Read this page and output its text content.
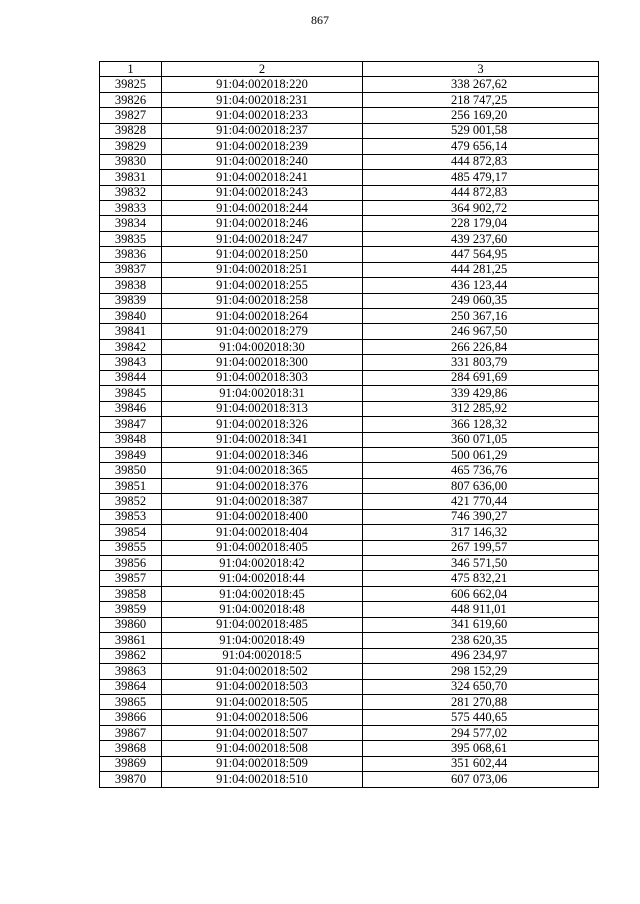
867
1	2	3
39825	91:04:002018:220	338 267,62
39826	91:04:002018:231	218 747,25
39827	91:04:002018:233	256 169,20
39828	91:04:002018:237	529 001,58
39829	91:04:002018:239	479 656,14
39830	91:04:002018:240	444 872,83
39831	91:04:002018:241	485 479,17
39832	91:04:002018:243	444 872,83
39833	91:04:002018:244	364 902,72
39834	91:04:002018:246	228 179,04
39835	91:04:002018:247	439 237,60
39836	91:04:002018:250	447 564,95
39837	91:04:002018:251	444 281,25
39838	91:04:002018:255	436 123,44
39839	91:04:002018:258	249 060,35
39840	91:04:002018:264	250 367,16
39841	91:04:002018:279	246 967,50
39842	91:04:002018:30	266 226,84
39843	91:04:002018:300	331 803,79
39844	91:04:002018:303	284 691,69
39845	91:04:002018:31	339 429,86
39846	91:04:002018:313	312 285,92
39847	91:04:002018:326	366 128,32
39848	91:04:002018:341	360 071,05
39849	91:04:002018:346	500 061,29
39850	91:04:002018:365	465 736,76
39851	91:04:002018:376	807 636,00
39852	91:04:002018:387	421 770,44
39853	91:04:002018:400	746 390,27
39854	91:04:002018:404	317 146,32
39855	91:04:002018:405	267 199,57
39856	91:04:002018:42	346 571,50
39857	91:04:002018:44	475 832,21
39858	91:04:002018:45	606 662,04
39859	91:04:002018:48	448 911,01
39860	91:04:002018:485	341 619,60
39861	91:04:002018:49	238 620,35
39862	91:04:002018:5	496 234,97
39863	91:04:002018:502	298 152,29
39864	91:04:002018:503	324 650,70
39865	91:04:002018:505	281 270,88
39866	91:04:002018:506	575 440,65
39867	91:04:002018:507	294 577,02
39868	91:04:002018:508	395 068,61
39869	91:04:002018:509	351 602,44
39870	91:04:002018:510	607 073,06
